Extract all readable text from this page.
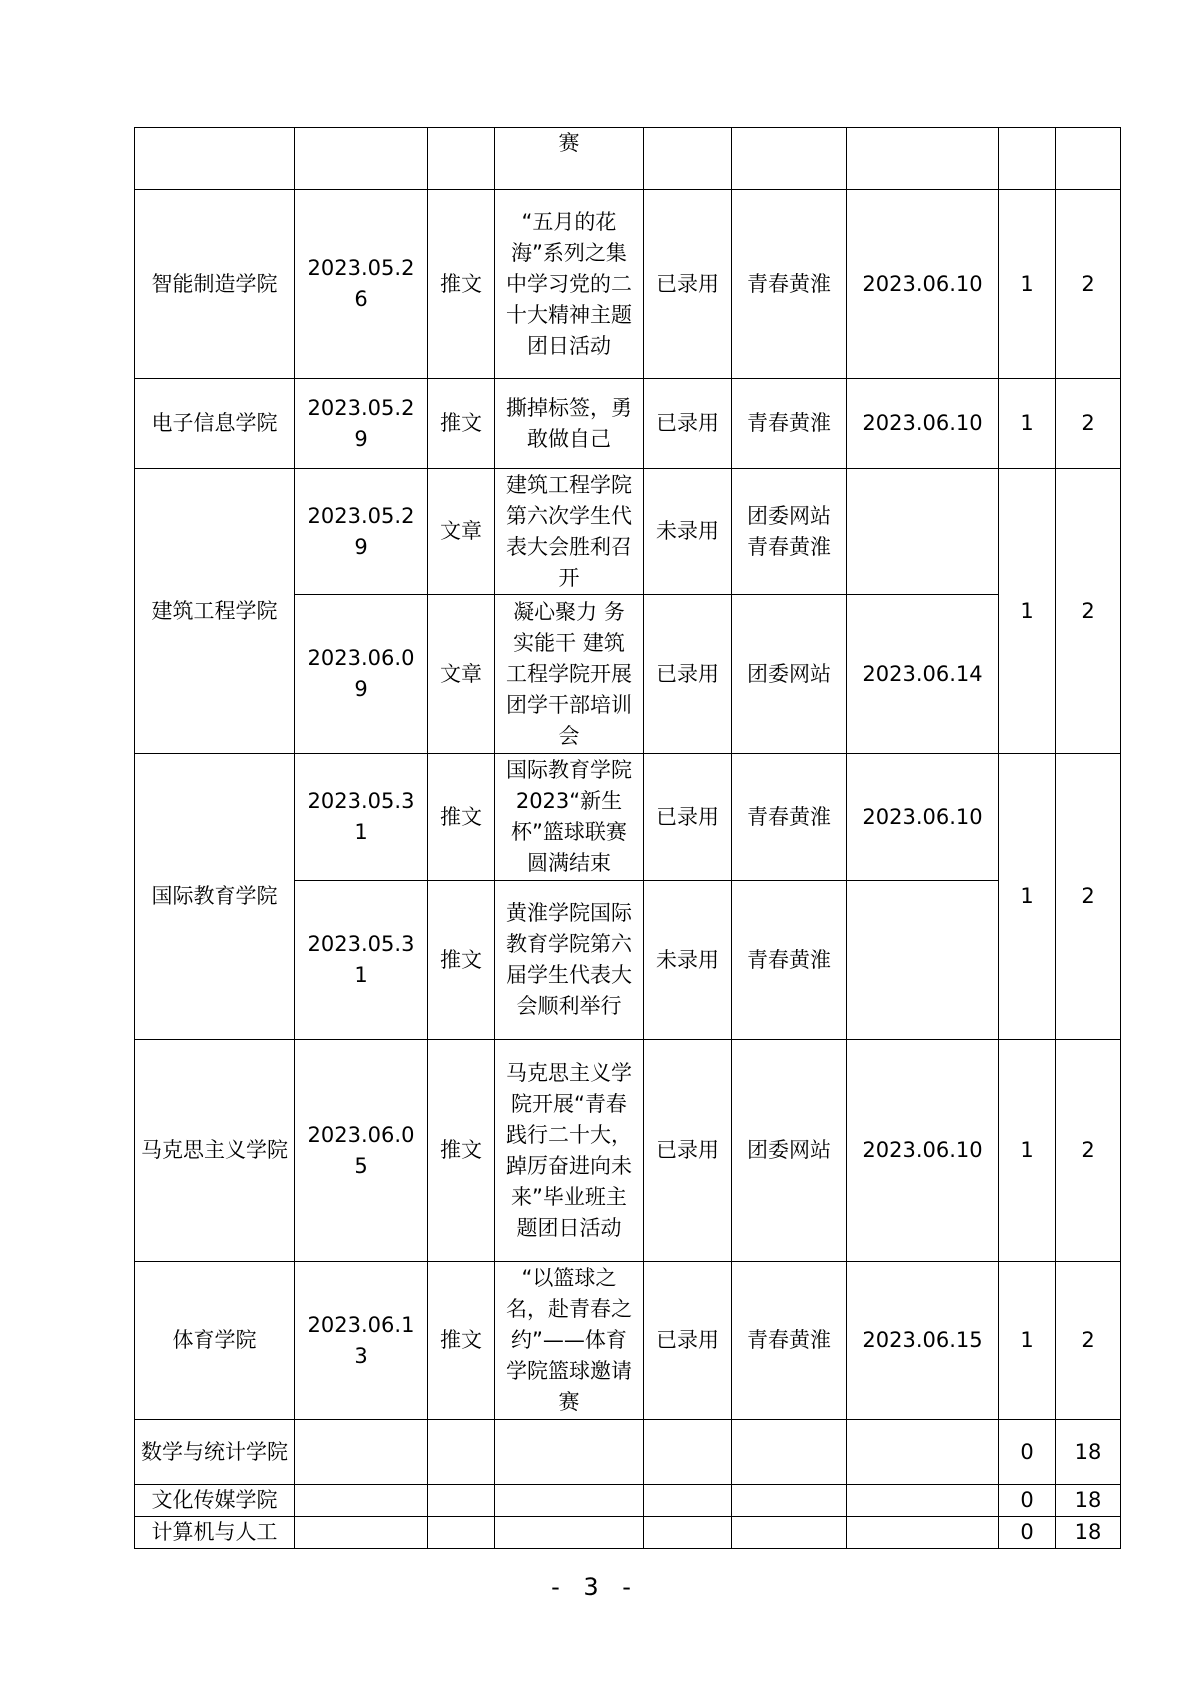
			赛					
智能制造学院	2023.05.26	推文	“五月的花海”系列之集中学习党的二十大精神主题团日活动	已录用	青春黄淮	2023.06.10	1	2
电子信息学院	2023.05.29	推文	撕掉标签，勇敢做自己	已录用	青春黄淮	2023.06.10	1	2
建筑工程学院	2023.05.29	文章	建筑工程学院第六次学生代表大会胜利召开	未录用	团委网站 青春黄淮		1	2
	2023.06.09	文章	凝心聚力 务实能干 建筑工程学院开展团学干部培训会	已录用	团委网站	2023.06.14		
国际教育学院	2023.05.31	推文	国际教育学院2023“新生杯”篮球联赛圆满结束	已录用	青春黄淮	2023.06.10	1	2
	2023.05.31	推文	黄淮学院国际教育学院第六届学生代表大会顺利举行	未录用	青春黄淮			
马克思主义学院	2023.06.05	推文	马克思主义学院开展“青春践行二十大，踔厉奋进向未来”毕业班主题团日活动	已录用	团委网站	2023.06.10	1	2
体育学院	2023.06.13	推文	“以篮球之名，赴青春之约”——体育学院篮球邀请赛	已录用	青春黄淮	2023.06.15	1	2
数学与统计学院							0	18
文化传媒学院							0	18
计算机与人工							0	18
- 3 -
